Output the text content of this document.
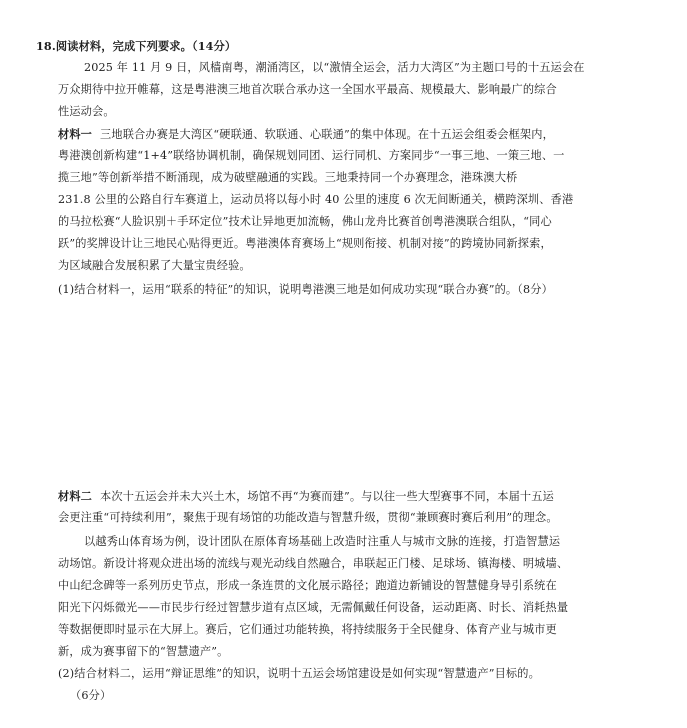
18.阅读材料，完成下列要求。（14分）
2025 年 11 月 9 日，风樯南粤，潮涌湾区，以“激情全运会，活力大湾区”为主题口号的十五运会在
万众期待中拉开帷幕，这是粤港澳三地首次联合承办这一全国水平最高、规模最大、影响最广的综合
性运动会。
材料一 三地联合办赛是大湾区“硬联通、软联通、心联通”的集中体现。在十五运会组委会框架内，
粤港澳创新构建“1+4”联络协调机制，确保规划同团、运行同机、方案同步“一事三地、一策三地、一
揽三地”等创新举措不断涌现，成为破壁融通的实践。三地秉持同一个办赛理念，港珠澳大桥
231.8 公里的公路自行车赛道上，运动员将以每小时 40 公里的速度 6 次无间断通关，横跨深圳、香港
的马拉松赛“人脸识别＋手环定位”技术让异地更加流畅，佛山龙舟比赛首创粤港澳联合组队，“同心
跃”的奖牌设计让三地民心贴得更近。粤港澳体育赛场上“规则衔接、机制对接”的跨境协同新探索，
为区域融合发展积累了大量宝贵经验。
(1)结合材料一，运用“联系的特征”的知识，说明粤港澳三地是如何成功实现“联合办赛”的。（8分）
材料二 本次十五运会并未大兴土木，场馆不再“为赛而建”。与以往一些大型赛事不同，本届十五运
会更注重“可持续利用”，聚焦于现有场馆的功能改造与智慧升级，贯彻“兼顾赛时赛后利用”的理念。
以越秀山体育场为例，设计团队在原体育场基础上改造时注重人与城市文脉的连接，打造智慧运
动场馆。新设计将观众进出场的流线与观光动线自然融合，串联起正门楼、足球场、镇海楼、明城墙、
中山纪念碑等一系列历史节点，形成一条连贯的文化展示路径；跑道边新铺设的智慧健身导引系统在
阳光下闪烁微光——市民步行经过智慧步道有点区域，无需佩戴任何设备，运动距离、时长、消耗热量
等数据便即时显示在大屏上。赛后，它们通过功能转换，将持续服务于全民健身、体育产业与城市更
新，成为赛事留下的“智慧遗产”。
(2)结合材料二，运用“辩证思维”的知识，说明十五运会场馆建设是如何实现“智慧遗产”目标的。
（6分）
